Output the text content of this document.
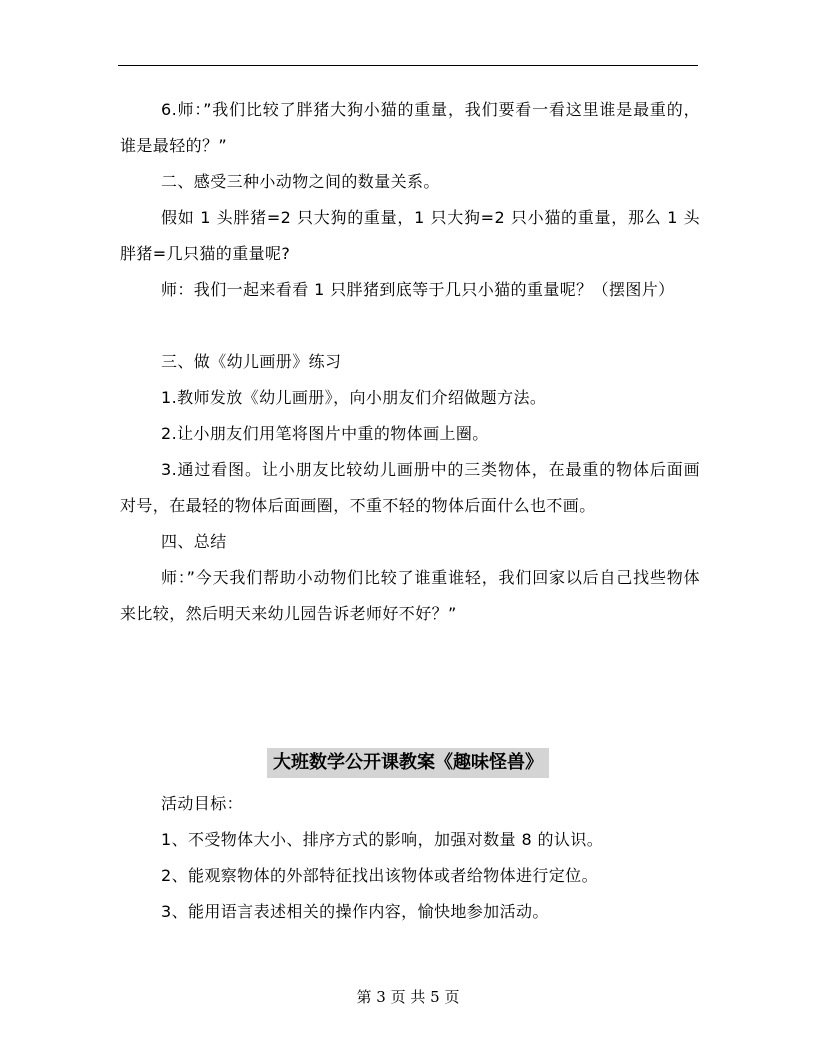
6.师：”我们比较了胖猪大狗小猫的重量，我们要看一看这里谁是最重的，谁是最轻的？”
二、感受三种小动物之间的数量关系。
假如 1 头胖猪=2 只大狗的重量，1 只大狗=2 只小猫的重量，那么 1 头胖猪=几只猫的重量呢?
师：我们一起来看看 1 只胖猪到底等于几只小猫的重量呢？（摆图片）
三、做《幼儿画册》练习
1.教师发放《幼儿画册》，向小朋友们介绍做题方法。
2.让小朋友们用笔将图片中重的物体画上圈。
3.通过看图。让小朋友比较幼儿画册中的三类物体，在最重的物体后面画对号，在最轻的物体后面画圈，不重不轻的物体后面什么也不画。
四、总结
师：”今天我们帮助小动物们比较了谁重谁轻，我们回家以后自己找些物体来比较，然后明天来幼儿园告诉老师好不好？”
大班数学公开课教案《趣味怪兽》
活动目标：
1、不受物体大小、排序方式的影响，加强对数量 8 的认识。
2、能观察物体的外部特征找出该物体或者给物体进行定位。
3、能用语言表述相关的操作内容，愉快地参加活动。
第 3 页 共 5 页
